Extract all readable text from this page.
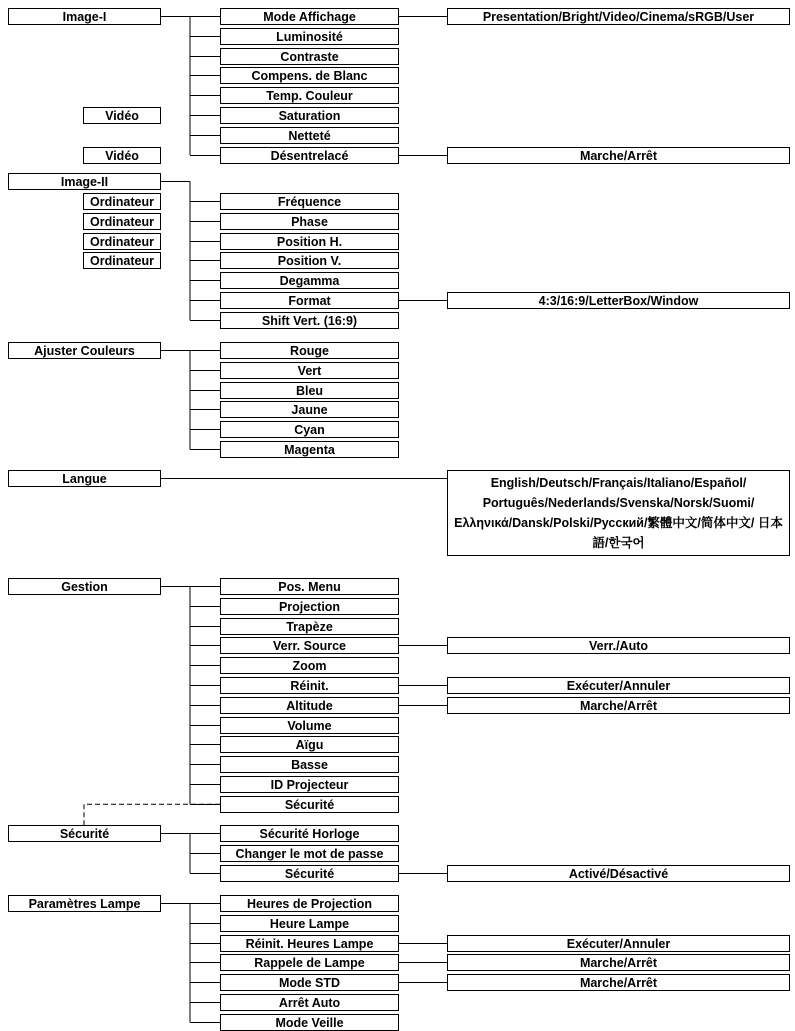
Image-I	Mode Affichage	Presentation/Bright/Video/Cinema/sRGB/User
Luminosité
Contraste
Compens. de Blanc
Temp. Couleur
Saturation
Vidéo
Netteté
Désentrelacé
Vidéo	Marche/Arrêt
Image-II
Fréquence
Ordinateur
Phase
Ordinateur
Position H.
Ordinateur
Position V.
Ordinateur
Degamma
Format	4:3/16:9/LetterBox/Window
Shift Vert. (16:9)
Ajuster Couleurs	Rouge
Vert
Bleu
Jaune
Cyan
Magenta
Langue	English/Deutsch/Français/Italiano/Español/ Português/Nederlands/Svenska/Norsk/Suomi/ Ελληνικά/Dansk/Polski/Русский/繁體中文/简体中文/ 日本語/한국어
Gestion	Pos. Menu
Projection
Trapèze
Verr. Source	Verr./Auto
Zoom
Réinit.	Exécuter/Annuler
Altitude	Marche/Arrêt
Volume
Aïgu
Basse
ID Projecteur
Sécurité
Sécurité	Sécurité Horloge
Changer le mot de passe
Sécurité	Activé/Désactivé
Paramètres Lampe	Heures de Projection
Heure Lampe
Réinit. Heures Lampe	Exécuter/Annuler
Rappele de Lampe	Marche/Arrêt
Mode STD	Marche/Arrêt
Arrêt Auto
Mode Veille
